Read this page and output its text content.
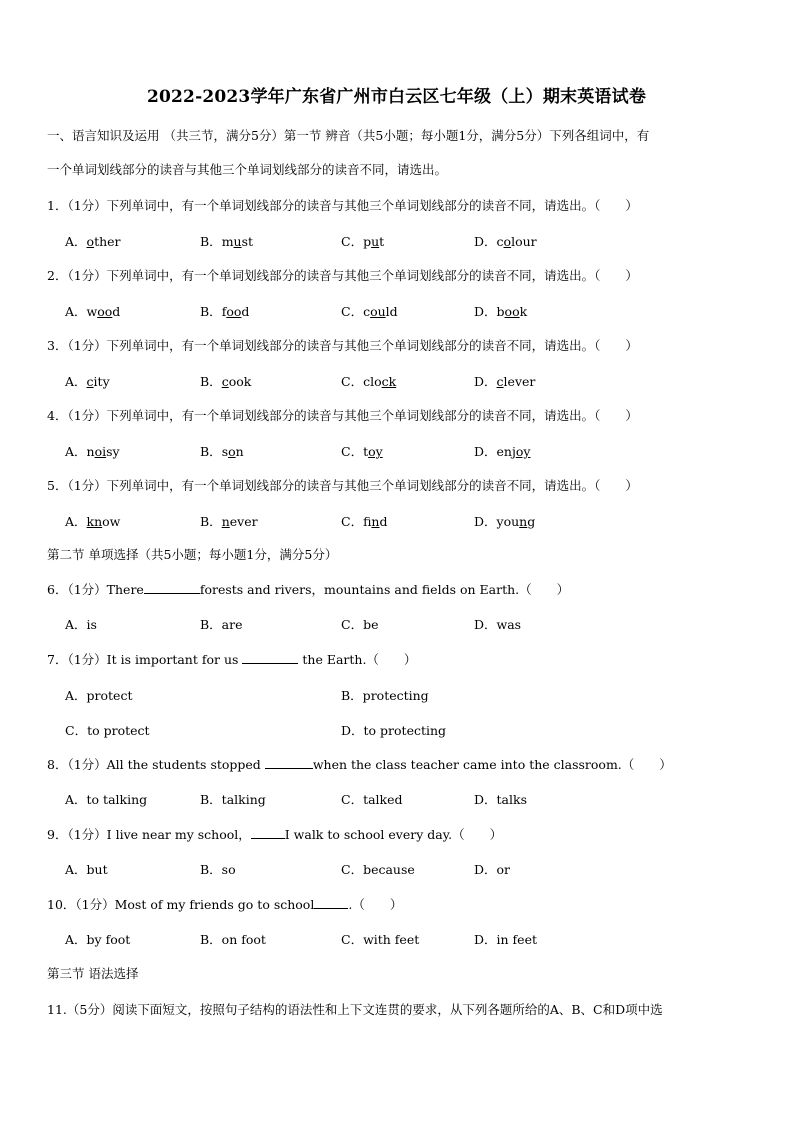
2022-2023学年广东省广州市白云区七年级（上）期末英语试卷
一、语言知识及运用 （共三节，满分5分）第一节 辨音（共5小题；每小题1分，满分5分）下列各组词中，有
一个单词划线部分的读音与其他三个单词划线部分的读音不同，请选出。
1．（1分）下列单词中，有一个单词划线部分的读音与其他三个单词划线部分的读音不同，请选出。（　　）
A．other	B．must	C．put	D．colour
2．（1分）下列单词中，有一个单词划线部分的读音与其他三个单词划线部分的读音不同，请选出。（　　）
A．wood	B．food	C．could	D．book
3．（1分）下列单词中，有一个单词划线部分的读音与其他三个单词划线部分的读音不同，请选出。（　　）
A．city	B．cook	C．clock	D．clever
4．（1分）下列单词中，有一个单词划线部分的读音与其他三个单词划线部分的读音不同，请选出。（　　）
A．noisy	B．son	C．toy	D．enjoy
5．（1分）下列单词中，有一个单词划线部分的读音与其他三个单词划线部分的读音不同，请选出。（　　）
A．know	B．never	C．find	D．young
第二节 单项选择（共5小题；每小题1分，满分5分）
6．（1分）There	forests and rivers，mountains and fields on Earth.（　　）
A．is	B．are	C．be	D．was
7．（1分）It is important for us	the Earth.（　　）
A．protect	B．protecting
C．to protect	D．to protecting
8．（1分）All the students stopped	when the class teacher came into the classroom.（　　）
A．to talking	B．talking	C．talked	D．talks
9．（1分）I live near my school，	I walk to school every day.（　　）
A．but	B．so	C．because	D．or
10．（1分）Most of my friends go to school	.（　　）
A．by foot	B．on foot	C．with feet	D．in feet
第三节 语法选择
11.（5分）阅读下面短文，按照句子结构的语法性和上下文连贯的要求，从下列各题所给的A、B、C和D项中选
